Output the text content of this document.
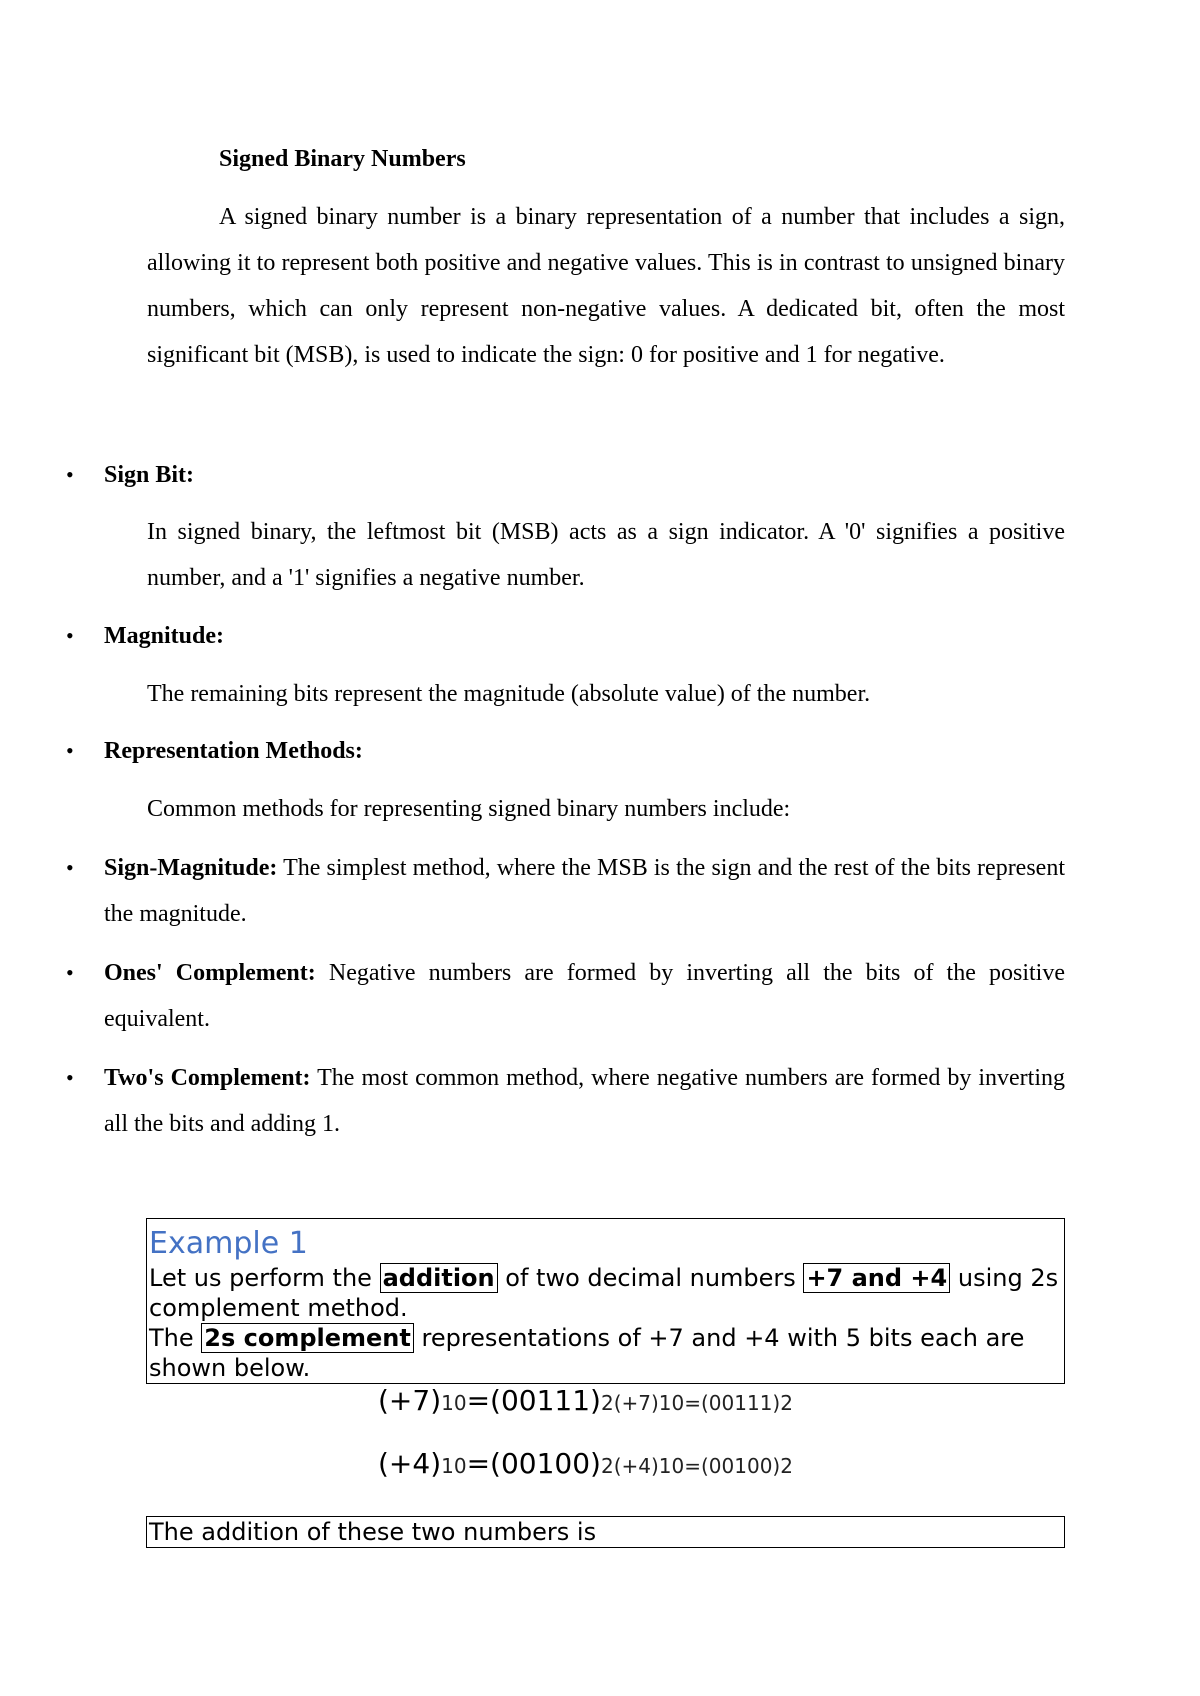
Signed Binary Numbers
A signed binary number is a binary representation of a number that includes a sign, allowing it to represent both positive and negative values. This is in contrast to unsigned binary numbers, which can only represent non-negative values. A dedicated bit, often the most significant bit (MSB), is used to indicate the sign: 0 for positive and 1 for negative.
• Sign Bit:
In signed binary, the leftmost bit (MSB) acts as a sign indicator. A '0' signifies a positive number, and a '1' signifies a negative number.
• Magnitude:
The remaining bits represent the magnitude (absolute value) of the number.
• Representation Methods:
Common methods for representing signed binary numbers include:
• Sign-Magnitude: The simplest method, where the MSB is the sign and the rest of the bits represent the magnitude.
• Ones' Complement: Negative numbers are formed by inverting all the bits of the positive equivalent.
• Two's Complement: The most common method, where negative numbers are formed by inverting all the bits and adding 1.
Example 1
Let us perform the addition of two decimal numbers +7 and +4 using 2s complement method.
The 2s complement representations of +7 and +4 with 5 bits each are shown below.
(+7)10=(00111)2(+7)10=(00111)2
(+4)10=(00100)2(+4)10=(00100)2
The addition of these two numbers is
